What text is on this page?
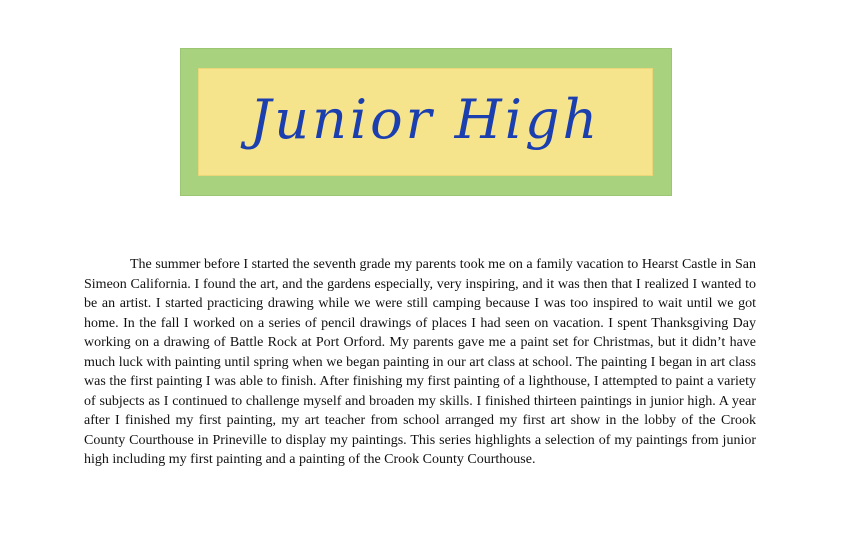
Junior High

The summer before I started the seventh grade my parents took me on a family vacation to Hearst Castle in San Simeon California. I found the art, and the gardens especially, very inspiring, and it was then that I realized I wanted to be an artist. I started practicing drawing while we were still camping because I was too inspired to wait until we got home. In the fall I worked on a series of pencil drawings of places I had seen on vacation. I spent Thanksgiving Day working on a drawing of Battle Rock at Port Orford. My parents gave me a paint set for Christmas, but it didn’t have much luck with painting until spring when we began painting in our art class at school. The painting I began in art class was the first painting I was able to finish. After finishing my first painting of a lighthouse, I attempted to paint a variety of subjects as I continued to challenge myself and broaden my skills. I finished thirteen paintings in junior high. A year after I finished my first painting, my art teacher from school arranged my first art show in the lobby of the Crook County Courthouse in Prineville to display my paintings. This series highlights a selection of my paintings from junior high including my first painting and a painting of the Crook County Courthouse.
